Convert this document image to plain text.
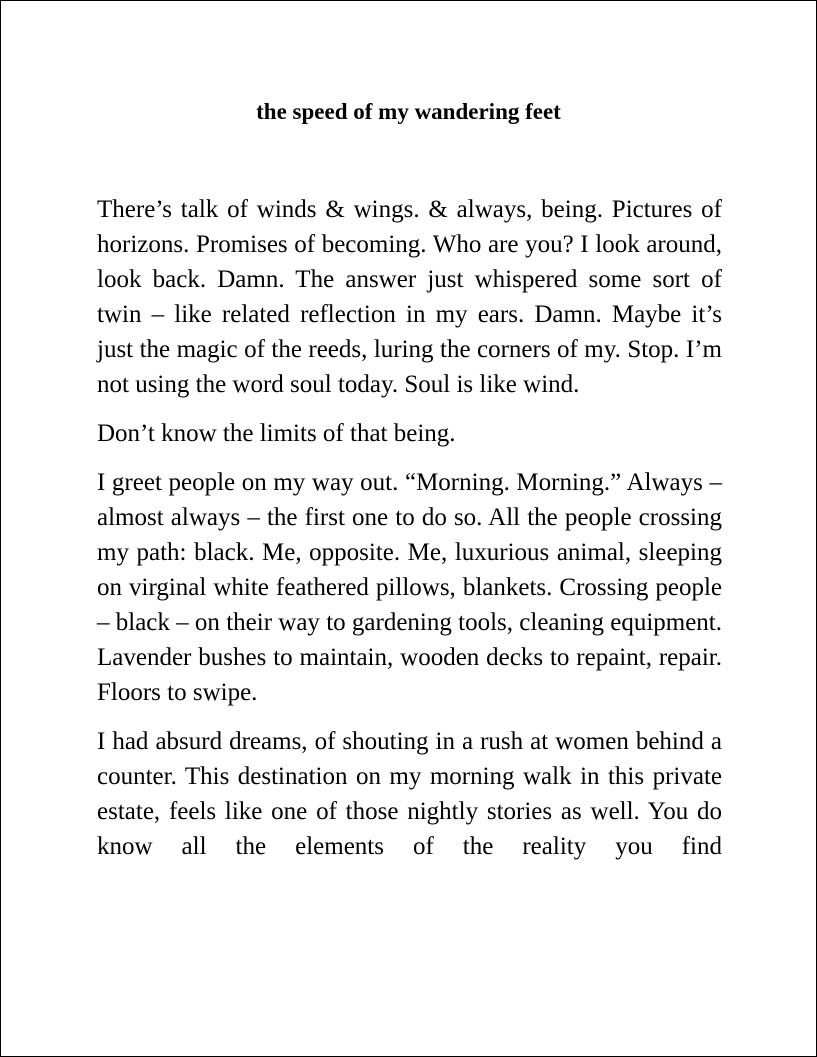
the speed of my wandering feet

There’s talk of winds & wings. & always, being. Pictures of horizons. Promises of becoming. Who are you? I look around, look back. Damn. The answer just whispered some sort of twin – like related reflection in my ears. Damn. Maybe it’s just the magic of the reeds, luring the corners of my. Stop. I’m not using the word soul today. Soul is like wind.

Don’t know the limits of that being.

I greet people on my way out. “Morning. Morning.” Always – almost always – the first one to do so. All the people crossing my path: black. Me, opposite. Me, luxurious animal, sleeping on virginal white feathered pillows, blankets. Crossing people – black – on their way to gardening tools, cleaning equipment. Lavender bushes to maintain, wooden decks to repaint, repair. Floors to swipe.

I had absurd dreams, of shouting in a rush at women behind a counter. This destination on my morning walk in this private estate, feels like one of those nightly stories as well. You do know all the elements of the reality you find
